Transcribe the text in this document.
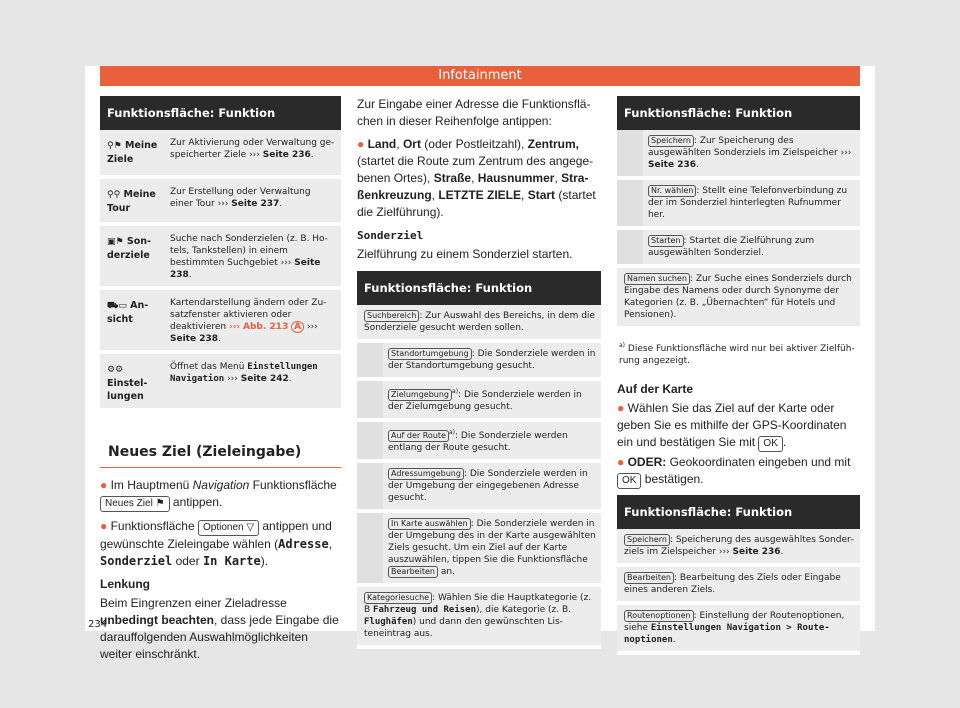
Infotainment
Funktionsfläche: Funktion	
⚲⚑ Meine Ziele	Zur Aktivierung oder Verwaltung gespeicherter Ziele ››› Seite 236.
⚲⚲ Meine Tour	Zur Erstellung oder Verwaltung einer Tour ››› Seite 237.
▣⚑ Sonderziele	Suche nach Sonderzielen (z. B. Hotels, Tankstellen) in einem bestimmten Suchgebiet ››› Seite 238.
⛟▭ Ansicht	Kartendarstellung ändern oder Zusatzfenster aktivieren oder deaktivieren ››› Abb. 213 A ››› Seite 238.
⚙⚙ Einstellungen	Öffnet das Menü Einstellungen Navigation ››› Seite 242.
Neues Ziel (Zieleingabe)

● Im Hauptmenü Navigation Funktionsfläche Neues Ziel ⚑ antippen.

● Funktionsfläche Optionen ▽ antippen und gewünschte Zieleingabe wählen (Adresse, Sonderziel oder In Karte).

Lenkung

Beim Eingrenzen einer Zieladresse unbedingt beachten, dass jede Eingabe die darauffolgenden Auswahlmöglichkeiten weiter einschränkt.

Zur Eingabe einer Adresse die Funktionsflächen in dieser Reihenfolge antippen:

● Land, Ort (oder Postleitzahl), Zentrum, (startet die Route zum Zentrum des angegebenen Ortes), Straße, Hausnummer, Straßenkreuzung, LETZTE ZIELE, Start (startet die Zielführung).

Sonderziel

Zielführung zu einem Sonderziel starten.

Funktionsfläche: Funktion	
Suchbereich : Zur Auswahl des Bereichs, in dem die Sonderziele gesucht werden sollen.	
	Standortumgebung : Die Sonderziele werden in der Standortumgebung gesucht.
	Zielumgebung $^{a)}$: Die Sonderziele werden in der Zielumgebung gesucht.
	Auf der Route $^{a)}$: Die Sonderziele werden entlang der Route gesucht.
	Adressumgebung : Die Sonderziele werden in der Umgebung der eingegebenen Adresse gesucht.
	In Karte auswählen : Die Sonderziele werden in der Umgebung des in der Karte ausgewählten Ziels gesucht. Um ein Ziel auf der Karte auszuwählen, tippen Sie die Funktionsfläche Bearbeiten an.
Kategoriesuche : Wählen Sie die Hauptkategorie (z. B Fahrzeug und Reisen), die Kategorie (z. B. Flughäfen) und dann den gewünschten Listeneintrag aus.	
Funktionsfläche: Funktion	
	Speichern : Zur Speicherung des ausgewählten Sonderziels im Zielspeicher ››› Seite 236.
	Nr. wählen : Stellt eine Telefonverbindung zu der im Sonderziel hinterlegten Rufnummer her.
	Starten : Startet die Zielführung zum ausgewählten Sonderziel.
Namen suchen : Zur Suche eines Sonderziels durch Eingabe des Namens oder durch Synonyme der Kategorien (z. B. „Übernachten“ für Hotels und Pensionen).	

$^{a)}$ Diese Funktionsfläche wird nur bei aktiver Zielführung angezeigt.

Auf der Karte

● Wählen Sie das Ziel auf der Karte oder geben Sie es mithilfe der GPS-Koordinaten ein und bestätigen Sie mit OK .

● ODER: Geokoordinaten eingeben und mit OK bestätigen.

Funktionsfläche: Funktion
Speichern : Speicherung des ausgewähltes Sonderziels im Zielspeicher ››› Seite 236.
Bearbeiten : Bearbeitung des Ziels oder Eingabe eines anderen Ziels.
Routenoptionen : Einstellung der Routenoptionen, siehe Einstellungen Navigation > Routenoptionen.
234
